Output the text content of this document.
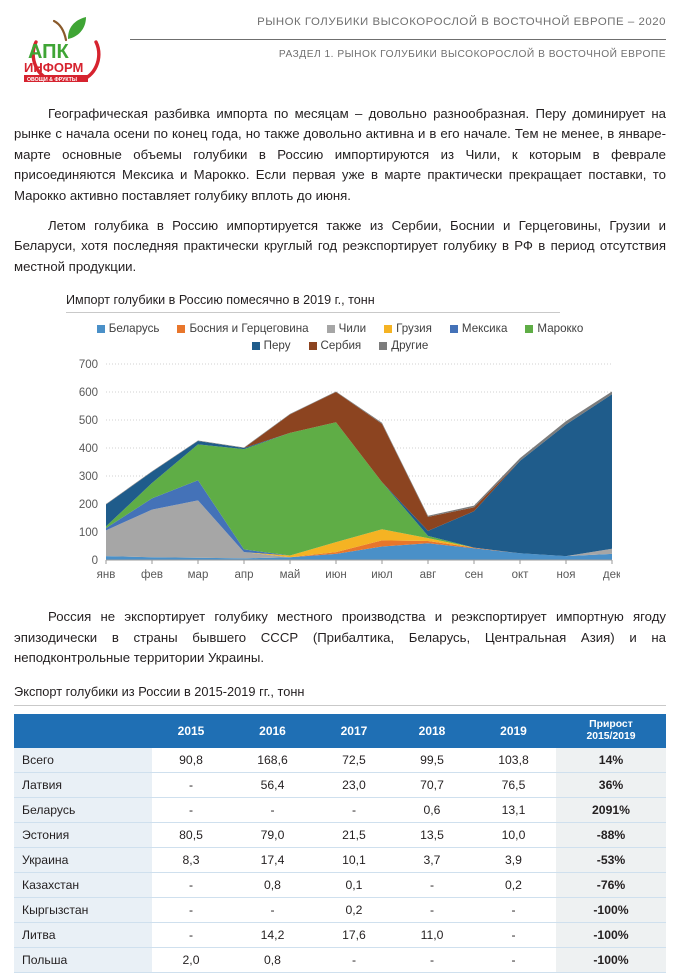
АПК
ИНФОРМ
ОВОЩИ & ФРУКТЫ
РЫНОК ГОЛУБИКИ ВЫСОКОРОСЛОЙ В ВОСТОЧНОЙ ЕВРОПЕ – 2020
РАЗДЕЛ 1. РЫНОК ГОЛУБИКИ ВЫСОКОРОСЛОЙ В ВОСТОЧНОЙ ЕВРОПЕ

Географическая разбивка импорта по месяцам – довольно разнообразная. Перу доминирует на рынке с начала осени по конец года, но также довольно активна и в его начале. Тем не менее, в январе-марте основные объемы голубики в Россию импортируются из Чили, к которым в феврале присоединяются Мексика и Марокко. Если первая уже в марте практически прекращает поставки, то Марокко активно поставляет голубику вплоть до июня.

Летом голубика в Россию импортируется также из Сербии, Боснии и Герцеговины, Грузии и Беларуси, хотя последняя практически круглый год реэкспортирует голубику в РФ в период отсутствия местной продукции.

Импорт голубики в Россию помесячно в 2019 г., тонн
Беларусь	Босния и Герцеговина	Чили	Грузия	Мексика	Марокко
Перу	Сербия	Другие
0
100
200
300
400
500
600
700
янв фев мар апр май июн июл авг сен окт ноя дек

Россия не экспортирует голубику местного производства и реэкспортирует импортную ягоду эпизодически в страны бывшего СССР (Прибалтика, Беларусь, Центральная Азия) и на неподконтрольные территории Украины.

Экспорт голубики из России в 2015-2019 гг., тонн
	2015	2016	2017	2018	2019	Прирост
2015/2019

Всего	90,8	168,6	72,5	99,5	103,8	14%
Латвия	-	56,4	23,0	70,7	76,5	36%
Беларусь	-	-	-	0,6	13,1	2091%
Эстония	80,5	79,0	21,5	13,5	10,0	-88%
Украина	8,3	17,4	10,1	3,7	3,9	-53%
Казахстан	-	0,8	0,1	-	0,2	-76%
Кыргызстан	-	-	0,2	-	-	-100%
Литва	-	14,2	17,6	11,0	-	-100%
Польша	2,0	0,8	-	-	-	-100%
